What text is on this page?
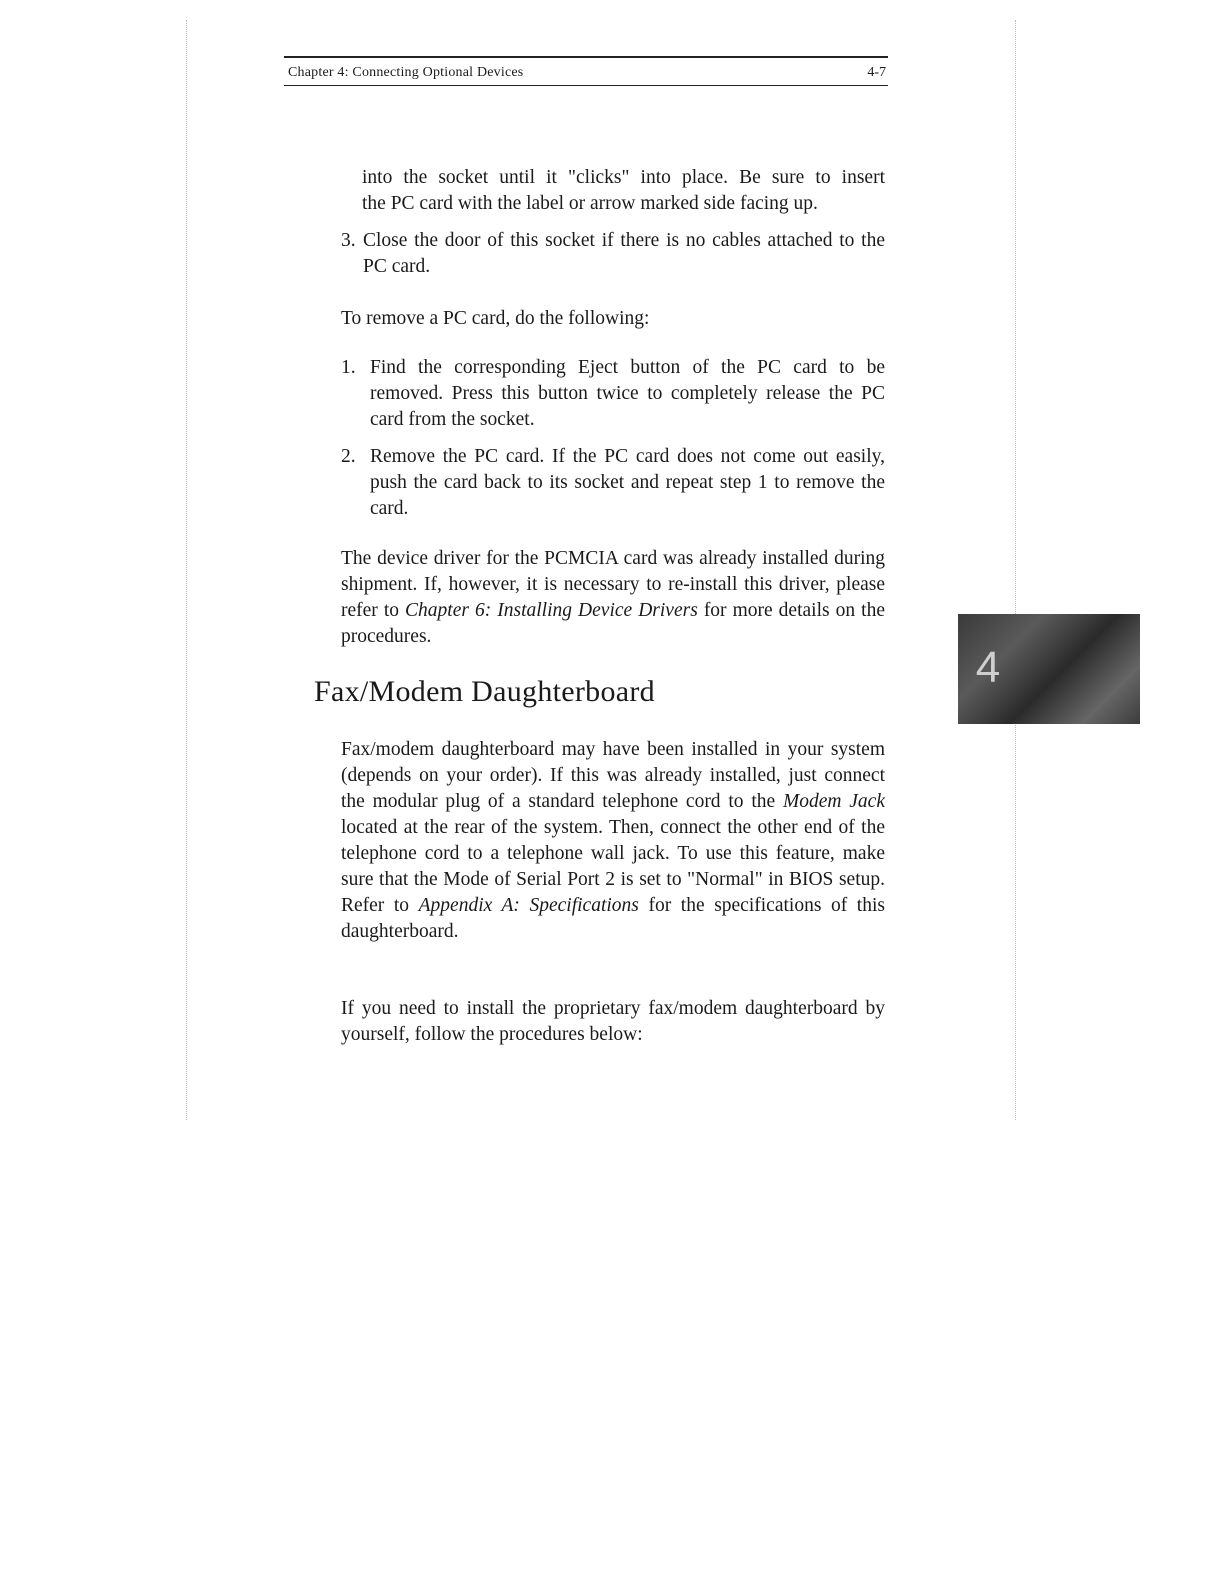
Chapter 4: Connecting Optional Devices	4-7

into the socket until it "clicks" into place. Be sure to insert

the PC card with the label or arrow marked side facing up.

3. Close the door of this socket if there is no cables attached to the PC card.

To remove a PC card, do the following:

1. Find the corresponding Eject button of the PC card to be removed. Press this button twice to completely release the PC card from the socket.
2. Remove the PC card. If the PC card does not come out easily, push the card back to its socket and repeat step 1 to remove the card.

The device driver for the PCMCIA card was already installed during shipment. If, however, it is necessary to re-install this driver, please refer to Chapter 6: Installing Device Drivers for more details on the procedures.

Fax/Modem Daughterboard	4

Fax/modem daughterboard may have been installed in your system (depends on your order). If this was already installed, just connect the modular plug of a standard telephone cord to the Modem Jack located at the rear of the system. Then, connect the other end of the telephone cord to a telephone wall jack. To use this feature, make sure that the Mode of Serial Port 2 is set to "Normal" in BIOS setup. Refer to Appendix A: Specifications for the specifications of this daughterboard.

If you need to install the proprietary fax/modem daughterboard by yourself, follow the procedures below:
